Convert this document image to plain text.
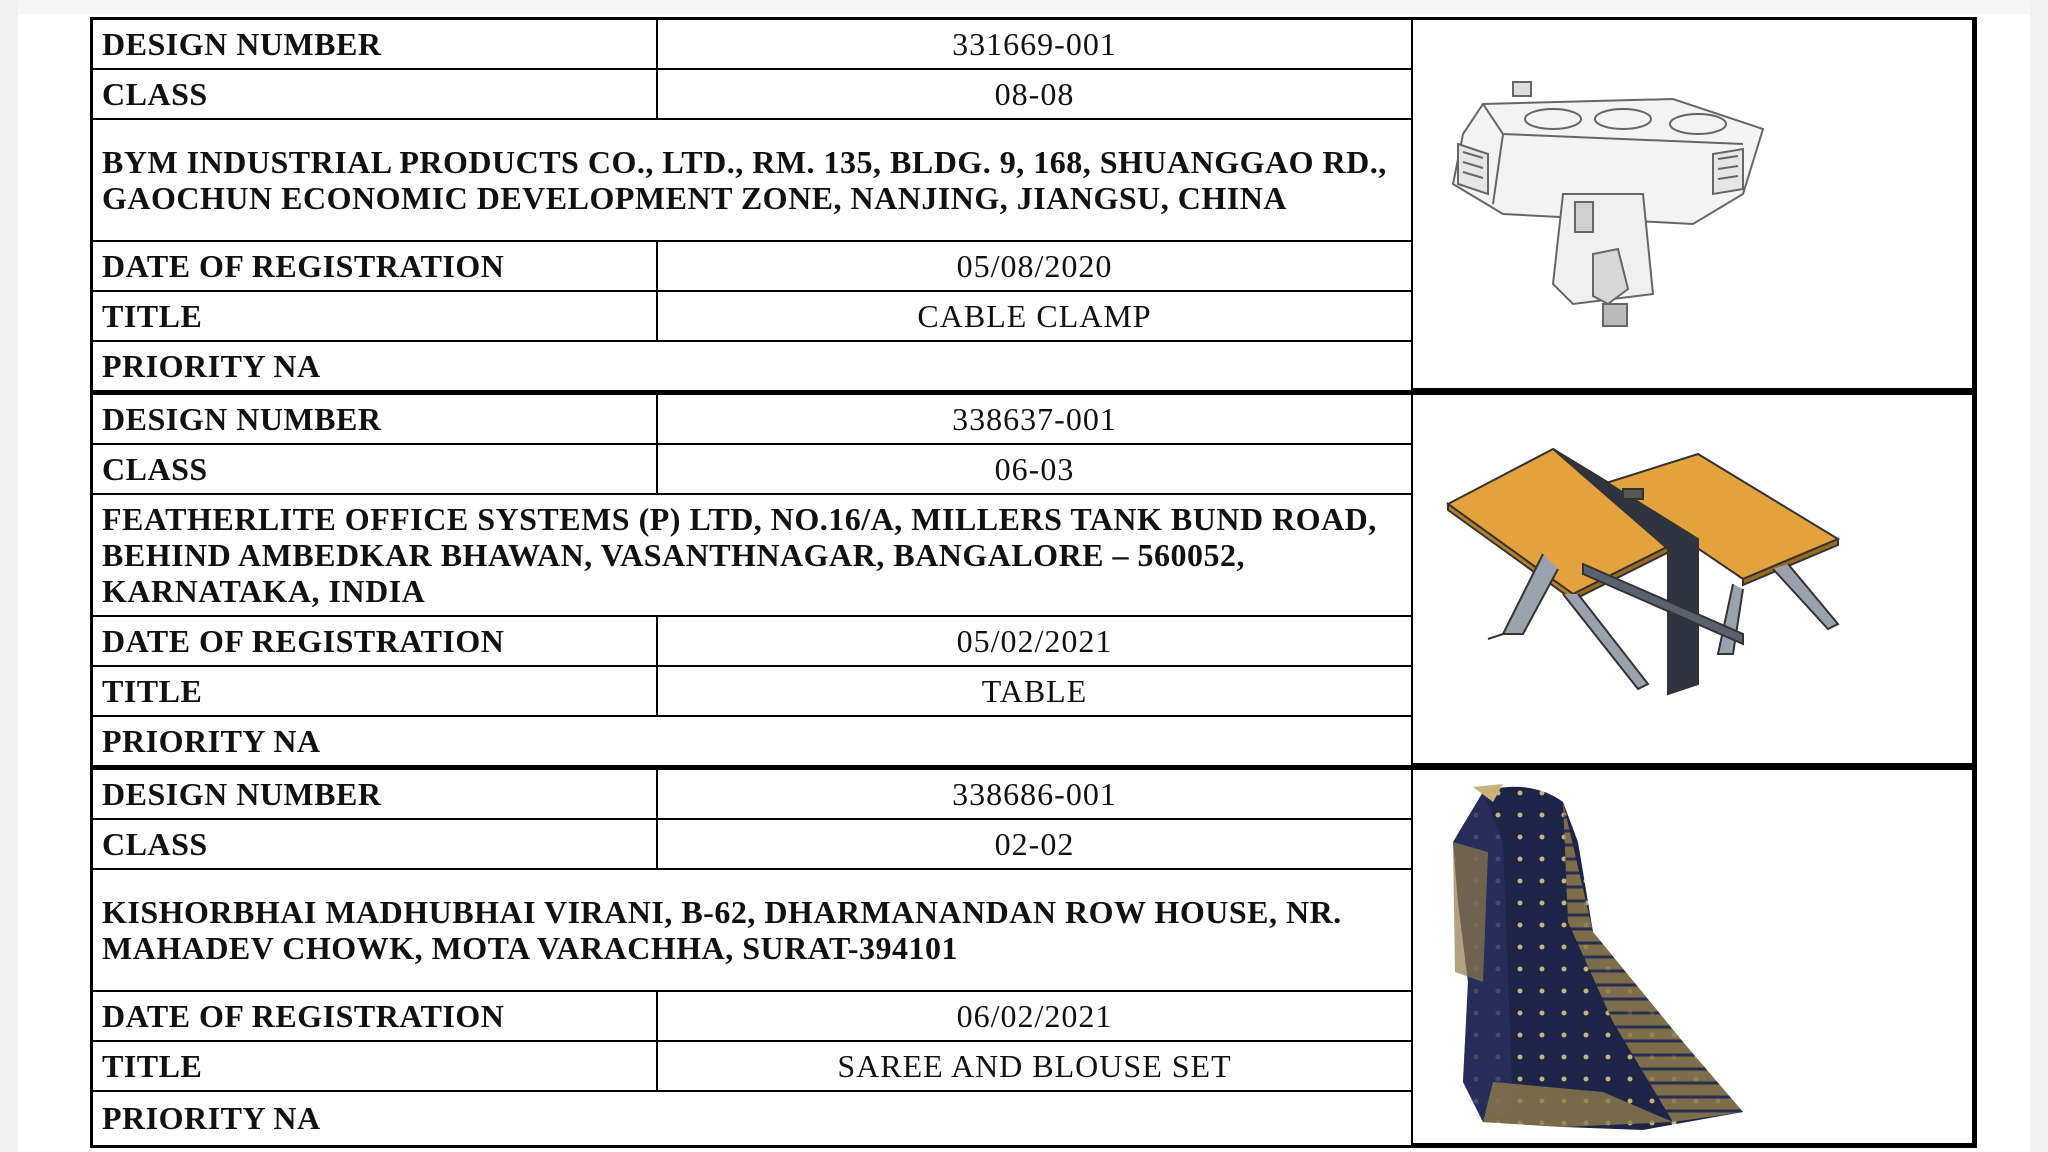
DESIGN NUMBER	331669-001
CLASS	08-08
BYM INDUSTRIAL PRODUCTS CO., LTD., RM. 135, BLDG. 9, 168, SHUANGGAO RD., GAOCHUN ECONOMIC DEVELOPMENT ZONE, NANJING, JIANGSU, CHINA
DATE OF REGISTRATION	05/08/2020
TITLE	CABLE CLAMP
PRIORITY NA
DESIGN NUMBER	338637-001
CLASS	06-03
FEATHERLITE OFFICE SYSTEMS (P) LTD, NO.16/A, MILLERS TANK BUND ROAD, BEHIND AMBEDKAR BHAWAN, VASANTHNAGAR, BANGALORE – 560052, KARNATAKA, INDIA
DATE OF REGISTRATION	05/02/2021
TITLE	TABLE
PRIORITY NA
DESIGN NUMBER	338686-001
CLASS	02-02
KISHORBHAI MADHUBHAI VIRANI, B-62, DHARMANANDAN ROW HOUSE, NR. MAHADEV CHOWK, MOTA VARACHHA, SURAT-394101
DATE OF REGISTRATION	06/02/2021
TITLE	SAREE AND BLOUSE SET
PRIORITY NA
